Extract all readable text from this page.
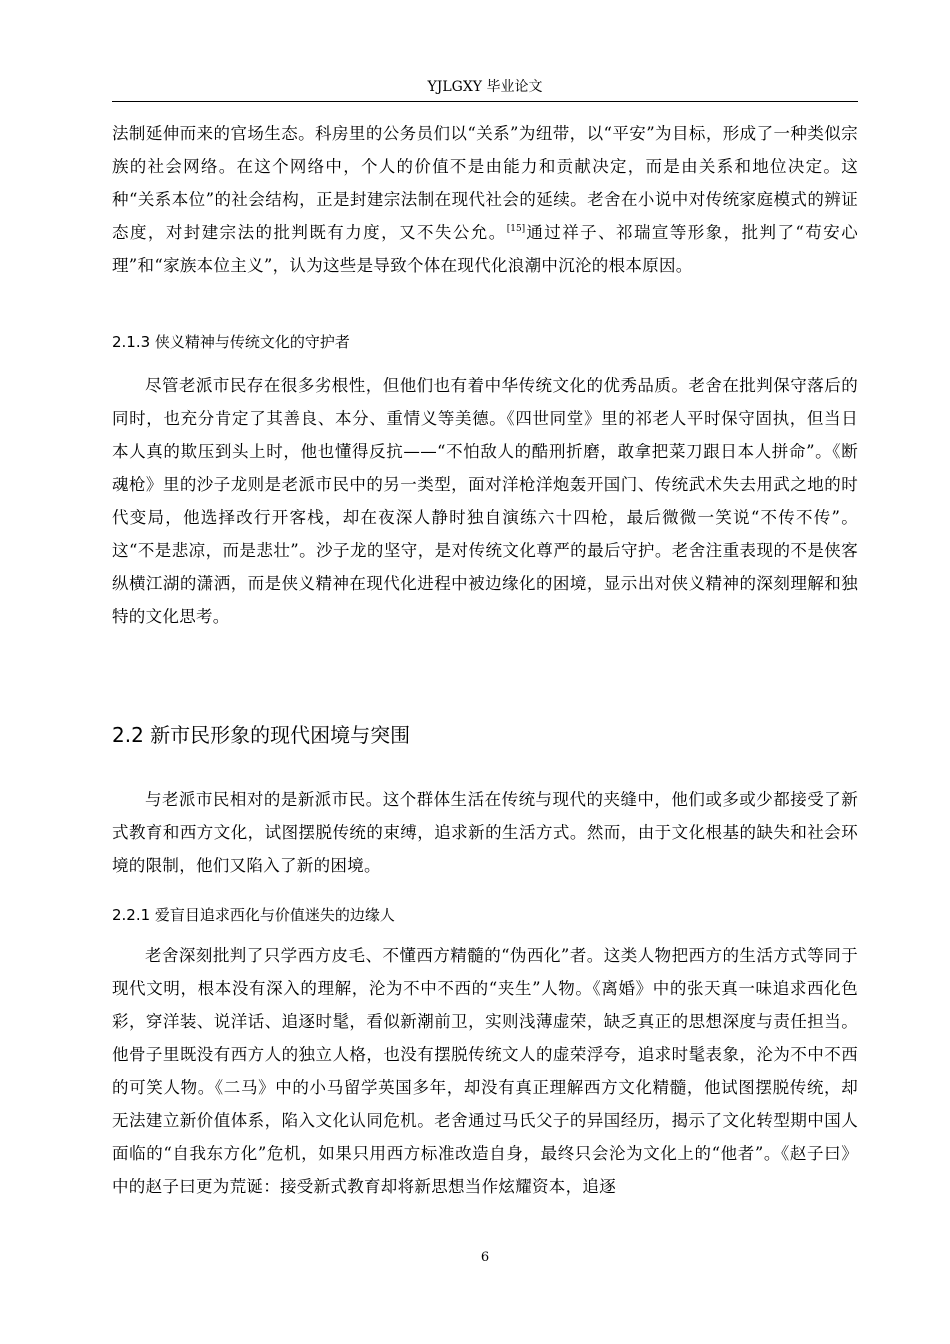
YJLGXY 毕业论文

法制延伸而来的官场生态。科房里的公务员们以“关系”为纽带，以“平安”为目标，形成了一种类似宗族的社会网络。在这个网络中，个人的价值不是由能力和贡献决定，而是由关系和地位决定。这种“关系本位”的社会结构，正是封建宗法制在现代社会的延续。老舍在小说中对传统家庭模式的辨证态度，对封建宗法的批判既有力度，又不失公允。[15]通过祥子、祁瑞宣等形象，批判了“苟安心理”和“家族本位主义”，认为这些是导致个体在现代化浪潮中沉沦的根本原因。

2.1.3 侠义精神与传统文化的守护者

尽管老派市民存在很多劣根性，但他们也有着中华传统文化的优秀品质。老舍在批判保守落后的同时，也充分肯定了其善良、本分、重情义等美德。《四世同堂》里的祁老人平时保守固执，但当日本人真的欺压到头上时，他也懂得反抗——“不怕敌人的酷刑折磨，敢拿把菜刀跟日本人拼命”。《断魂枪》里的沙子龙则是老派市民中的另一类型，面对洋枪洋炮轰开国门、传统武术失去用武之地的时代变局，他选择改行开客栈，却在夜深人静时独自演练六十四枪，最后微微一笑说“不传不传”。这“不是悲凉，而是悲壮”。沙子龙的坚守，是对传统文化尊严的最后守护。老舍注重表现的不是侠客纵横江湖的潇洒，而是侠义精神在现代化进程中被边缘化的困境，显示出对侠义精神的深刻理解和独特的文化思考。

2.2 新市民形象的现代困境与突围

与老派市民相对的是新派市民。这个群体生活在传统与现代的夹缝中，他们或多或少都接受了新式教育和西方文化，试图摆脱传统的束缚，追求新的生活方式。然而，由于文化根基的缺失和社会环境的限制，他们又陷入了新的困境。

2.2.1 爱盲目追求西化与价值迷失的边缘人

老舍深刻批判了只学西方皮毛、不懂西方精髓的“伪西化”者。这类人物把西方的生活方式等同于现代文明，根本没有深入的理解，沦为不中不西的“夹生”人物。《离婚》中的张天真一味追求西化色彩，穿洋装、说洋话、追逐时髦，看似新潮前卫，实则浅薄虚荣，缺乏真正的思想深度与责任担当。他骨子里既没有西方人的独立人格，也没有摆脱传统文人的虚荣浮夸，追求时髦表象，沦为不中不西的可笑人物。《二马》中的小马留学英国多年，却没有真正理解西方文化精髓，他试图摆脱传统，却无法建立新价值体系，陷入文化认同危机。老舍通过马氏父子的异国经历，揭示了文化转型期中国人面临的“自我东方化”危机，如果只用西方标准改造自身，最终只会沦为文化上的“他者”。《赵子曰》中的赵子曰更为荒诞：接受新式教育却将新思想当作炫耀资本，追逐

6
